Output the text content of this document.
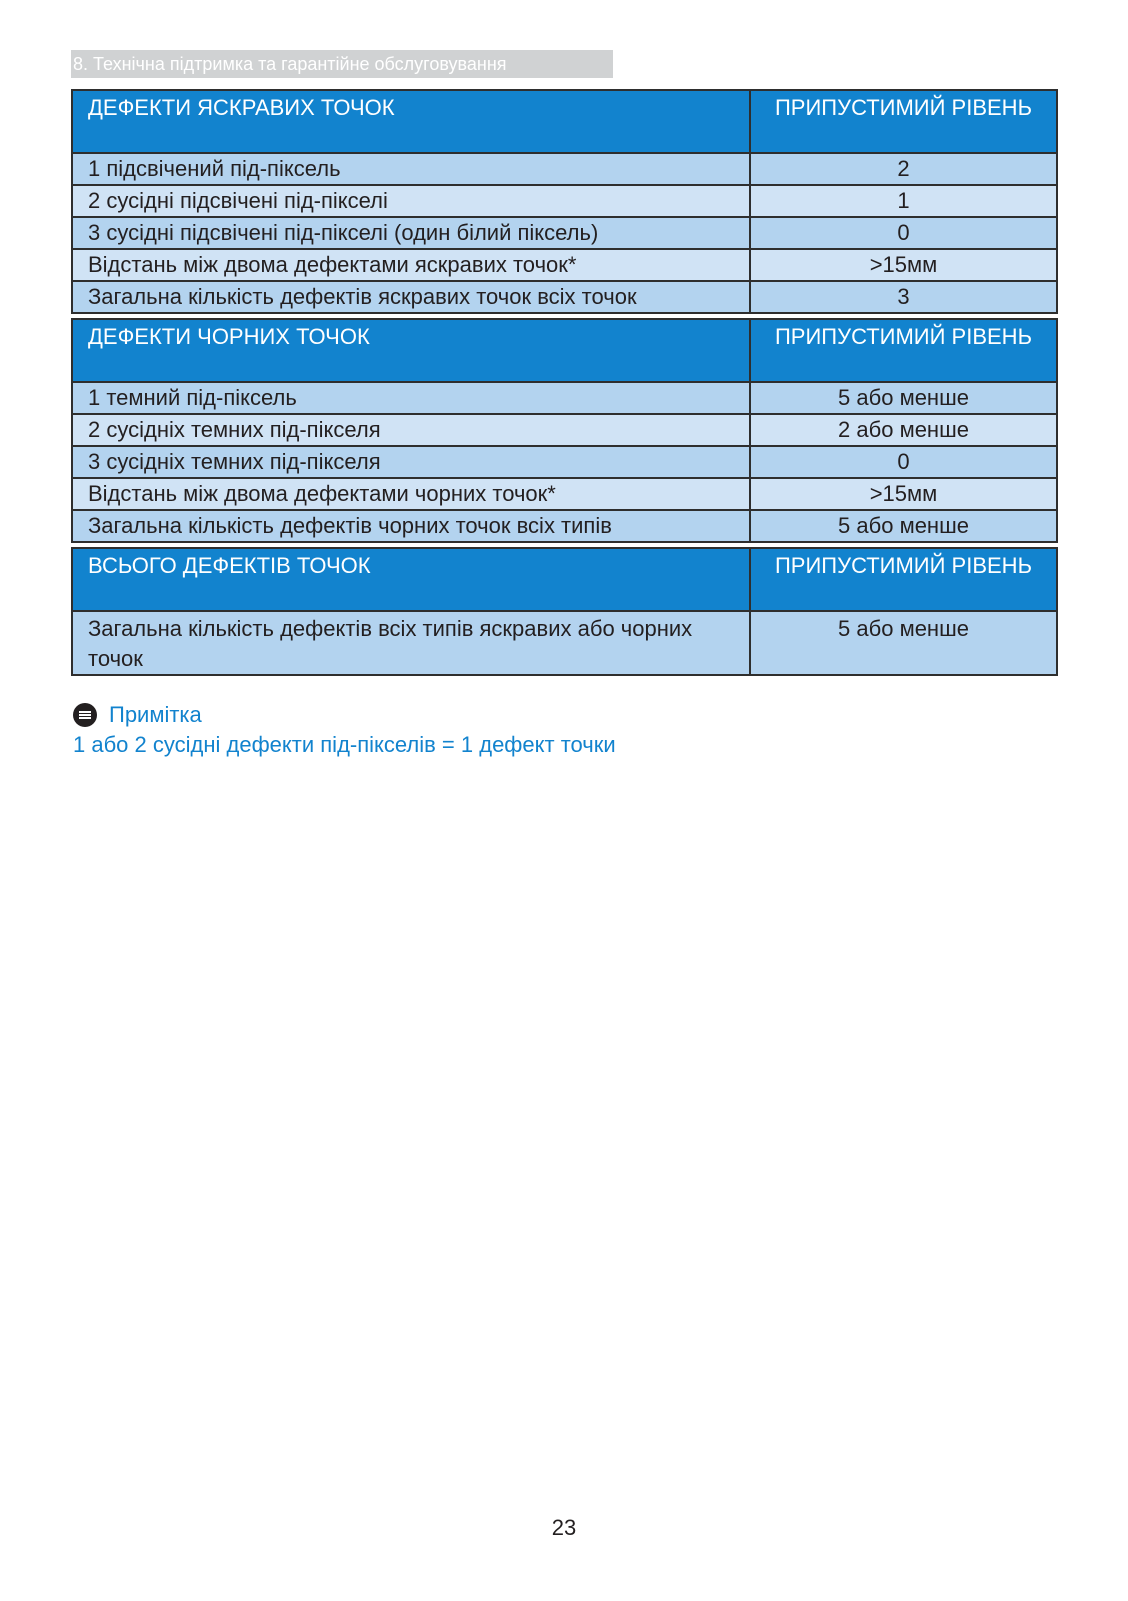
8. Технічна підтримка та гарантійне обслуговування
ДЕФЕКТИ ЯСКРАВИХ ТОЧОК	ПРИПУСТИМИЙ РІВЕНЬ
1 підсвічений під-піксель	2
2 сусідні підсвічені під-пікселі	1
3 сусідні підсвічені під-пікселі (один білий піксель)	0
Відстань між двома дефектами яскравих точок*	>15мм
Загальна кількість дефектів яскравих точок всіх точок	3
ДЕФЕКТИ ЧОРНИХ ТОЧОК	ПРИПУСТИМИЙ РІВЕНЬ
1 темний під-піксель	5 або менше
2 сусідніх темних під-пікселя	2 або менше
3 сусідніх темних під-пікселя	0
Відстань між двома дефектами чорних точок*	>15мм
Загальна кількість дефектів чорних точок всіх типів	5 або менше
ВСЬОГО ДЕФЕКТІВ ТОЧОК	ПРИПУСТИМИЙ РІВЕНЬ
Загальна кількість дефектів всіх типів яскравих або чорних точок	5 або менше
Примітка
1 або 2 сусідні дефекти під-пікселів = 1 дефект точки
23
